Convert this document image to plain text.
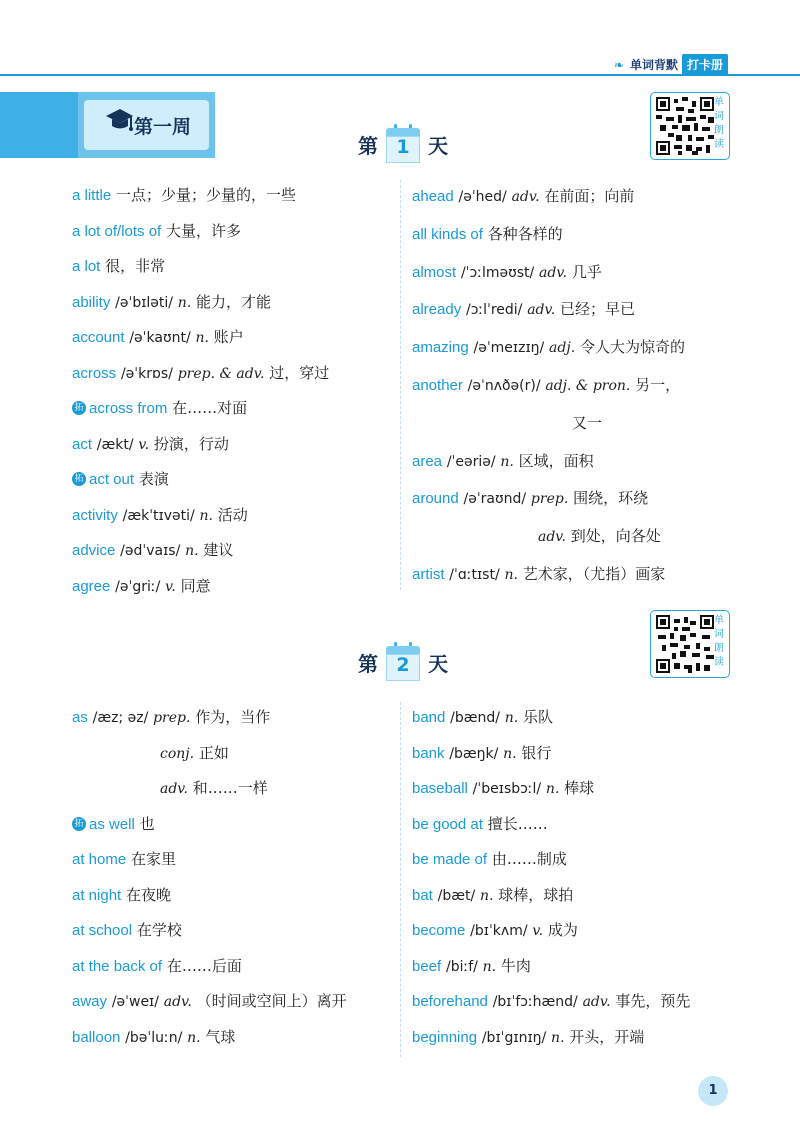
❧ 单词背默 打卡册
第一周
第 1 天
单词朗读
a little 一点；少量；少量的，一些
a lot of/lots of 大量，许多
a lot 很，非常
ability /əˈbɪləti/ n. 能力，才能
account /əˈkaʊnt/ n. 账户
across /əˈkrɒs/ prep. & adv. 过，穿过
拓 across from 在……对面
act /ækt/ v. 扮演，行动
拓 act out 表演
activity /ækˈtɪvəti/ n. 活动
advice /ədˈvaɪs/ n. 建议
agree /əˈgriː/ v. 同意
ahead /əˈhed/ adv. 在前面；向前
all kinds of 各种各样的
almost /ˈɔːlməʊst/ adv. 几乎
already /ɔːlˈredi/ adv. 已经；早已
amazing /əˈmeɪzɪŋ/ adj. 令人大为惊奇的
another /əˈnʌðə(r)/ adj. & pron. 另一，
又一
area /ˈeəriə/ n. 区域，面积
around /əˈraʊnd/ prep. 围绕，环绕
adv. 到处，向各处
artist /ˈɑːtɪst/ n. 艺术家，（尤指）画家
第 2 天
单词朗读
as /æz; əz/ prep. 作为，当作
conj. 正如
adv. 和……一样
拓 as well 也
at home 在家里
at night 在夜晚
at school 在学校
at the back of 在……后面
away /əˈweɪ/ adv. （时间或空间上）离开
balloon /bəˈluːn/ n. 气球
band /bænd/ n. 乐队
bank /bæŋk/ n. 银行
baseball /ˈbeɪsbɔːl/ n. 棒球
be good at 擅长……
be made of 由……制成
bat /bæt/ n. 球棒，球拍
become /bɪˈkʌm/ v. 成为
beef /biːf/ n. 牛肉
beforehand /bɪˈfɔːhænd/ adv. 事先，预先
beginning /bɪˈgɪnɪŋ/ n. 开头，开端
1
